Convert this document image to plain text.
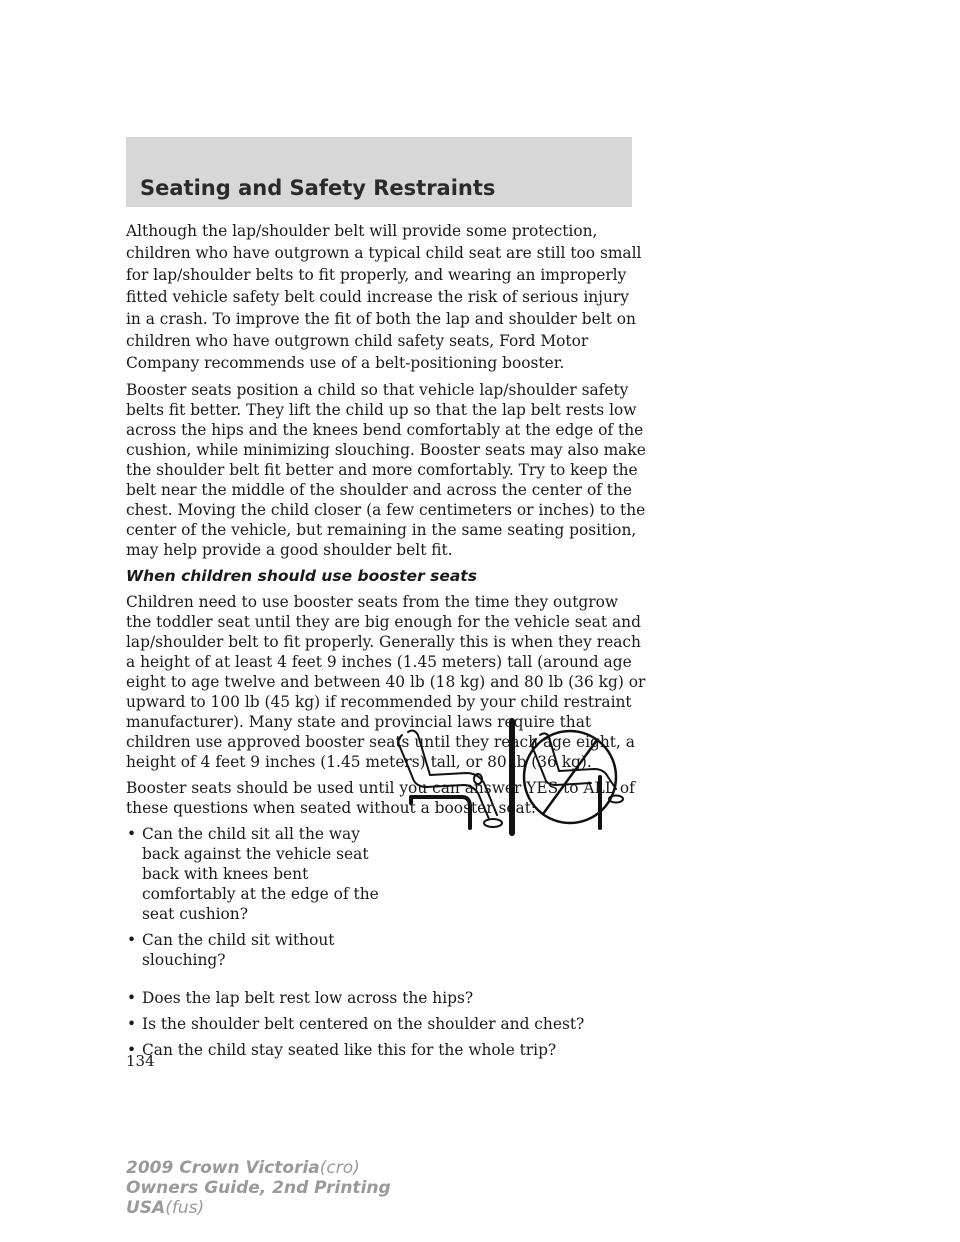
Seating and Safety Restraints

Although the lap/shoulder belt will provide some protection, children who have outgrown a typical child seat are still too small for lap/shoulder belts to fit properly, and wearing an improperly fitted vehicle safety belt could increase the risk of serious injury in a crash. To improve the fit of both the lap and shoulder belt on children who have outgrown child safety seats, Ford Motor Company recommends use of a belt-positioning booster.

Booster seats position a child so that vehicle lap/shoulder safety belts fit better. They lift the child up so that the lap belt rests low across the hips and the knees bend comfortably at the edge of the cushion, while minimizing slouching. Booster seats may also make the shoulder belt fit better and more comfortably. Try to keep the belt near the middle of the shoulder and across the center of the chest. Moving the child closer (a few centimeters or inches) to the center of the vehicle, but remaining in the same seating position, may help provide a good shoulder belt fit.

When children should use booster seats

Children need to use booster seats from the time they outgrow the toddler seat until they are big enough for the vehicle seat and lap/shoulder belt to fit properly. Generally this is when they reach a height of at least 4 feet 9 inches (1.45 meters) tall (around age eight to age twelve and between 40 lb (18 kg) and 80 lb (36 kg) or upward to 100 lb (45 kg) if recommended by your child restraint manufacturer). Many state and provincial laws require that children use approved booster seats until they reach age eight, a height of 4 feet 9 inches (1.45 meters) tall, or 80 lb (36 kg).

Booster seats should be used until you can answer YES to ALL of these questions when seated without a booster seat:

• Can the child sit all the way back against the vehicle seat back with knees bent comfortably at the edge of the seat cushion?
• Can the child sit without slouching?
• Does the lap belt rest low across the hips?
• Is the shoulder belt centered on the shoulder and chest?
• Can the child stay seated like this for the whole trip?
134
2009 Crown Victoria(cro)
Owners Guide, 2nd Printing
USA(fus)
